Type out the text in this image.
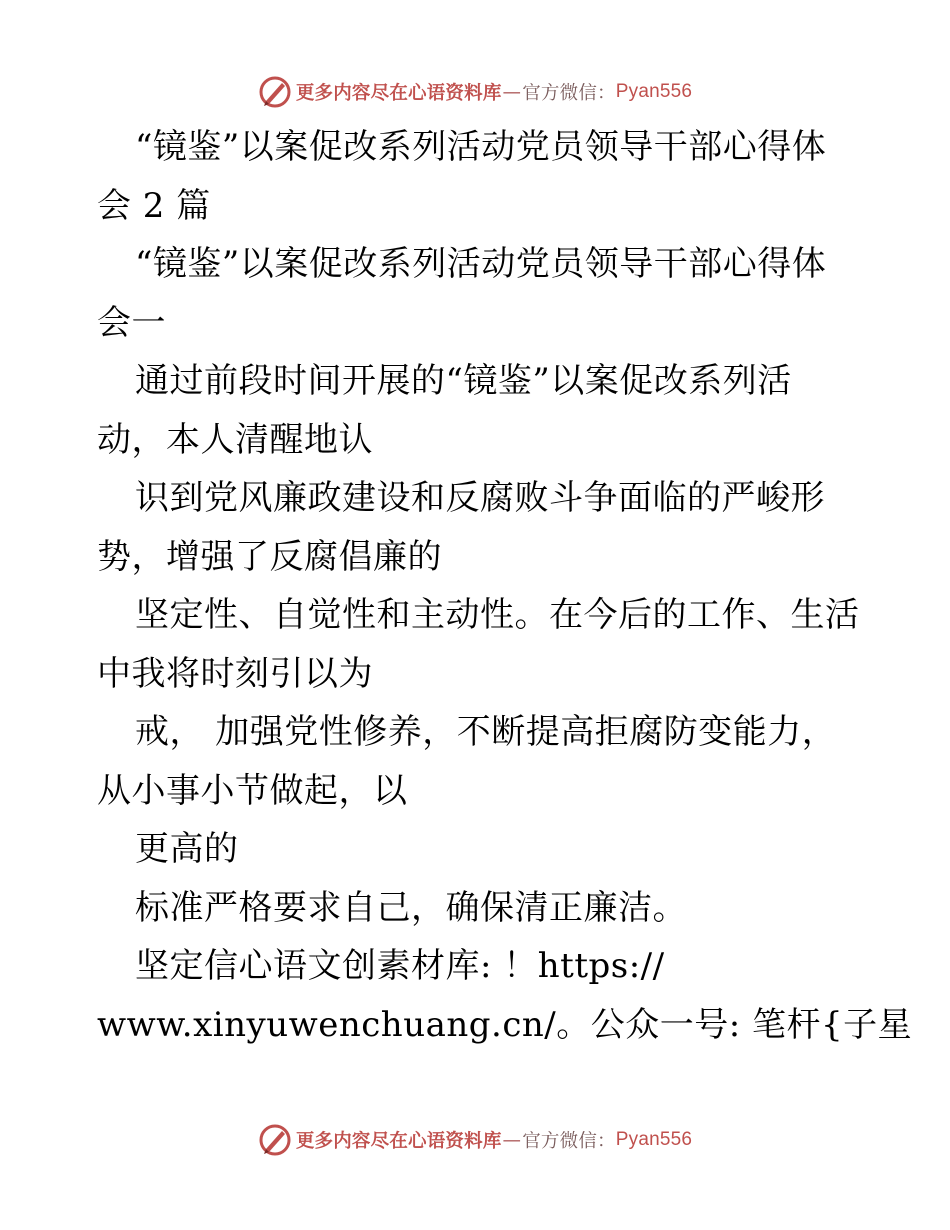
更多内容尽在心语资料库 — 官方微信： Pyan556
“镜鉴”以案促改系列活动党员领导干部心得体
会 2 篇
“镜鉴”以案促改系列活动党员领导干部心得体
会一
通过前段时间开展的“镜鉴”以案促改系列活
动，本人清醒地认
识到党风廉政建设和反腐败斗争面临的严峻形
势，增强了反腐倡廉的
坚定性、自觉性和主动性。在今后的工作、生活
中我将时刻引以为
戒， 加强党性修养，不断提高拒腐防变能力，
从小事小节做起，以
更高的
标准严格要求自己，确保清正廉洁。
坚定信心语文创素材库: ！https://
www.xinyuwenchuang.cn/。公众一号: 笔杆{子星
更多内容尽在心语资料库 — 官方微信： Pyan556
